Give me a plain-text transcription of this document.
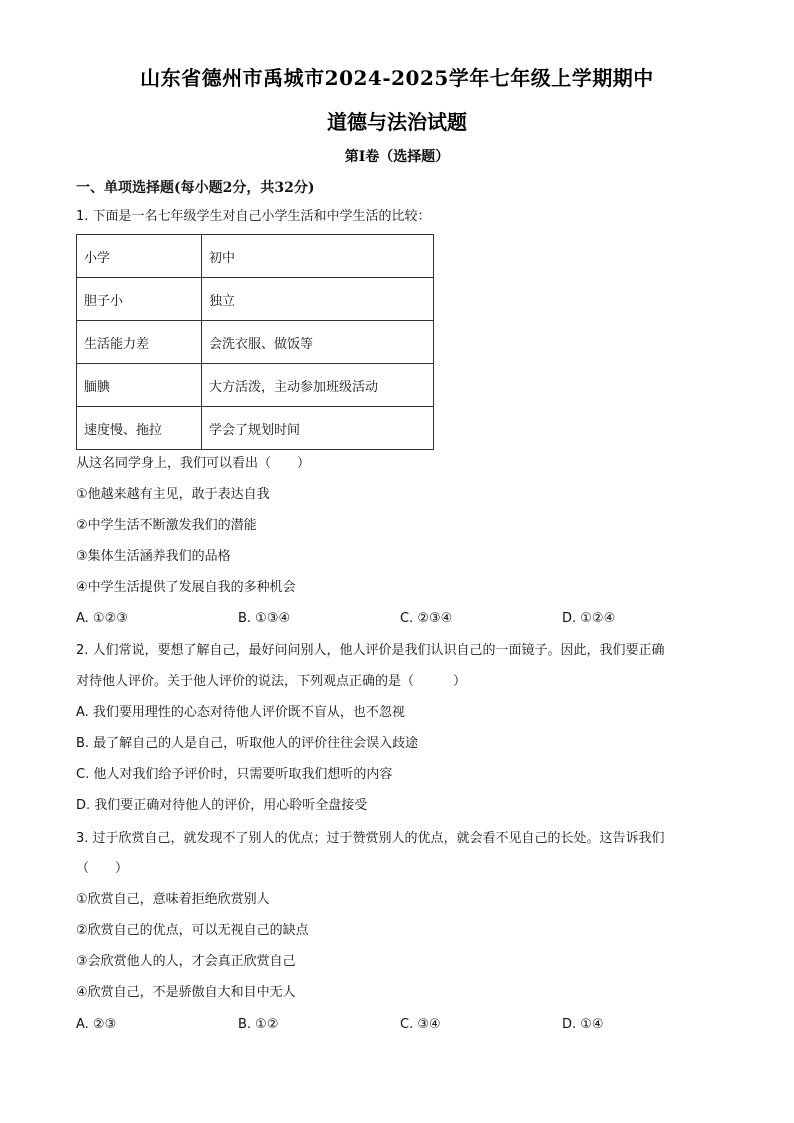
山东省德州市禹城市2024-2025学年七年级上学期期中
道德与法治试题
第Ⅰ卷（选择题）
一、单项选择题(每小题2分，共32分)
1. 下面是一名七年级学生对自己小学生活和中学生活的比较：
小学	初中
胆子小	独立
生活能力差	会洗衣服、做饭等
腼腆	大方活泼，主动参加班级活动
速度慢、拖拉	学会了规划时间
从这名同学身上，我们可以看出（　　）
①他越来越有主见，敢于表达自我
②中学生活不断激发我们的潜能
③集体生活涵养我们的品格
④中学生活提供了发展自我的多种机会
A. ①②③	B. ①③④	C. ②③④	D. ①②④
2. 人们常说，要想了解自己，最好问问别人，他人评价是我们认识自己的一面镜子。因此，我们要正确
对待他人评价。关于他人评价的说法，下列观点正确的是（　　　）
A. 我们要用理性的心态对待他人评价既不盲从，也不忽视
B. 最了解自己的人是自己，听取他人的评价往往会误入歧途
C. 他人对我们给予评价时，只需要听取我们想听的内容
D. 我们要正确对待他人的评价，用心聆听全盘接受
3. 过于欣赏自己，就发现不了别人的优点；过于赞赏别人的优点，就会看不见自己的长处。这告诉我们
（　　）
①欣赏自己，意味着拒绝欣赏别人
②欣赏自己的优点，可以无视自己的缺点
③会欣赏他人的人，才会真正欣赏自己
④欣赏自己，不是骄傲自大和目中无人
A. ②③	B. ①②	C. ③④	D. ①④
